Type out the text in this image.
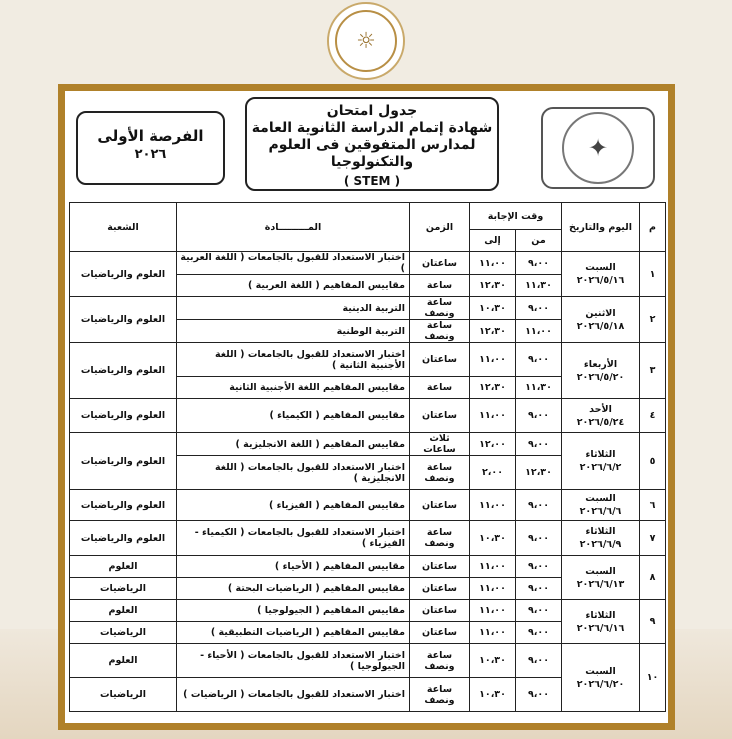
☼
✦
جدول امتحان
شهادة إتمام الدراسة الثانوية العامة
لمدارس المتفوقين فى العلوم والتكنولوجيا
( STEM )
الفرصة الأولى
٢٠٢٦
م	اليوم والتاريخ	وقت الإجابة		الزمن	المـــــــــادة	الشعبة
		من	إلى			
١	السبت
٢٠٢٦/٥/١٦	٩،٠٠	١١،٠٠	ساعتان	اختبار الاستعداد للقبول بالجامعات ( اللغة العربية )	العلوم والرياضيات
		١١،٣٠	١٢،٣٠	ساعة	مقاييس المفاهيم ( اللغة العربية )	
٢	الاثنين
٢٠٢٦/٥/١٨	٩،٠٠	١٠،٣٠	ساعة ونصف	التربية الدينية	العلوم والرياضيات
		١١،٠٠	١٢،٣٠	ساعة ونصف	التربية الوطنية	
٣	الأربعاء
٢٠٢٦/٥/٢٠	٩،٠٠	١١،٠٠	ساعتان	اختبار الاستعداد للقبول بالجامعات ( اللغة الأجنبية الثانية )	العلوم والرياضيات
		١١،٣٠	١٢،٣٠	ساعة	مقاييس المفاهيم اللغة الأجنبية الثانية	
٤	الأحد
٢٠٢٦/٥/٢٤	٩،٠٠	١١،٠٠	ساعتان	مقاييس المفاهيم ( الكيمياء )	العلوم والرياضيات
٥	الثلاثاء
٢٠٢٦/٦/٢	٩،٠٠	١٢،٠٠	ثلاث ساعات	مقاييس المفاهيم ( اللغة الانجليزية )	العلوم والرياضيات
		١٢،٣٠	٢،٠٠	ساعة ونصف	اختبار الاستعداد للقبول بالجامعات ( اللغة الانجليزية )	
٦	السبت
٢٠٢٦/٦/٦	٩،٠٠	١١،٠٠	ساعتان	مقاييس المفاهيم ( الفيزياء )	العلوم والرياضيات
٧	الثلاثاء
٢٠٢٦/٦/٩	٩،٠٠	١٠،٣٠	ساعة ونصف	اختبار الاستعداد للقبول بالجامعات ( الكيمياء - الفيزياء )	العلوم والرياضيات
٨	السبت
٢٠٢٦/٦/١٣	٩،٠٠	١١،٠٠	ساعتان	مقاييس المفاهيم ( الأحياء )	العلوم
		٩،٠٠	١١،٠٠	ساعتان	مقاييس المفاهيم ( الرياضيات البحتة )	الرياضيات
٩	الثلاثاء
٢٠٢٦/٦/١٦	٩،٠٠	١١،٠٠	ساعتان	مقاييس المفاهيم ( الجيولوجيا )	العلوم
		٩،٠٠	١١،٠٠	ساعتان	مقاييس المفاهيم ( الرياضيات التطبيقية )	الرياضيات
١٠	السبت
٢٠٢٦/٦/٢٠	٩،٠٠	١٠،٣٠	ساعة ونصف	اختبار الاستعداد للقبول بالجامعات ( الأحياء - الجيولوجيا )	العلوم
		٩،٠٠	١٠،٣٠	ساعة ونصف	اختبار الاستعداد للقبول بالجامعات ( الرياضيات )	الرياضيات
